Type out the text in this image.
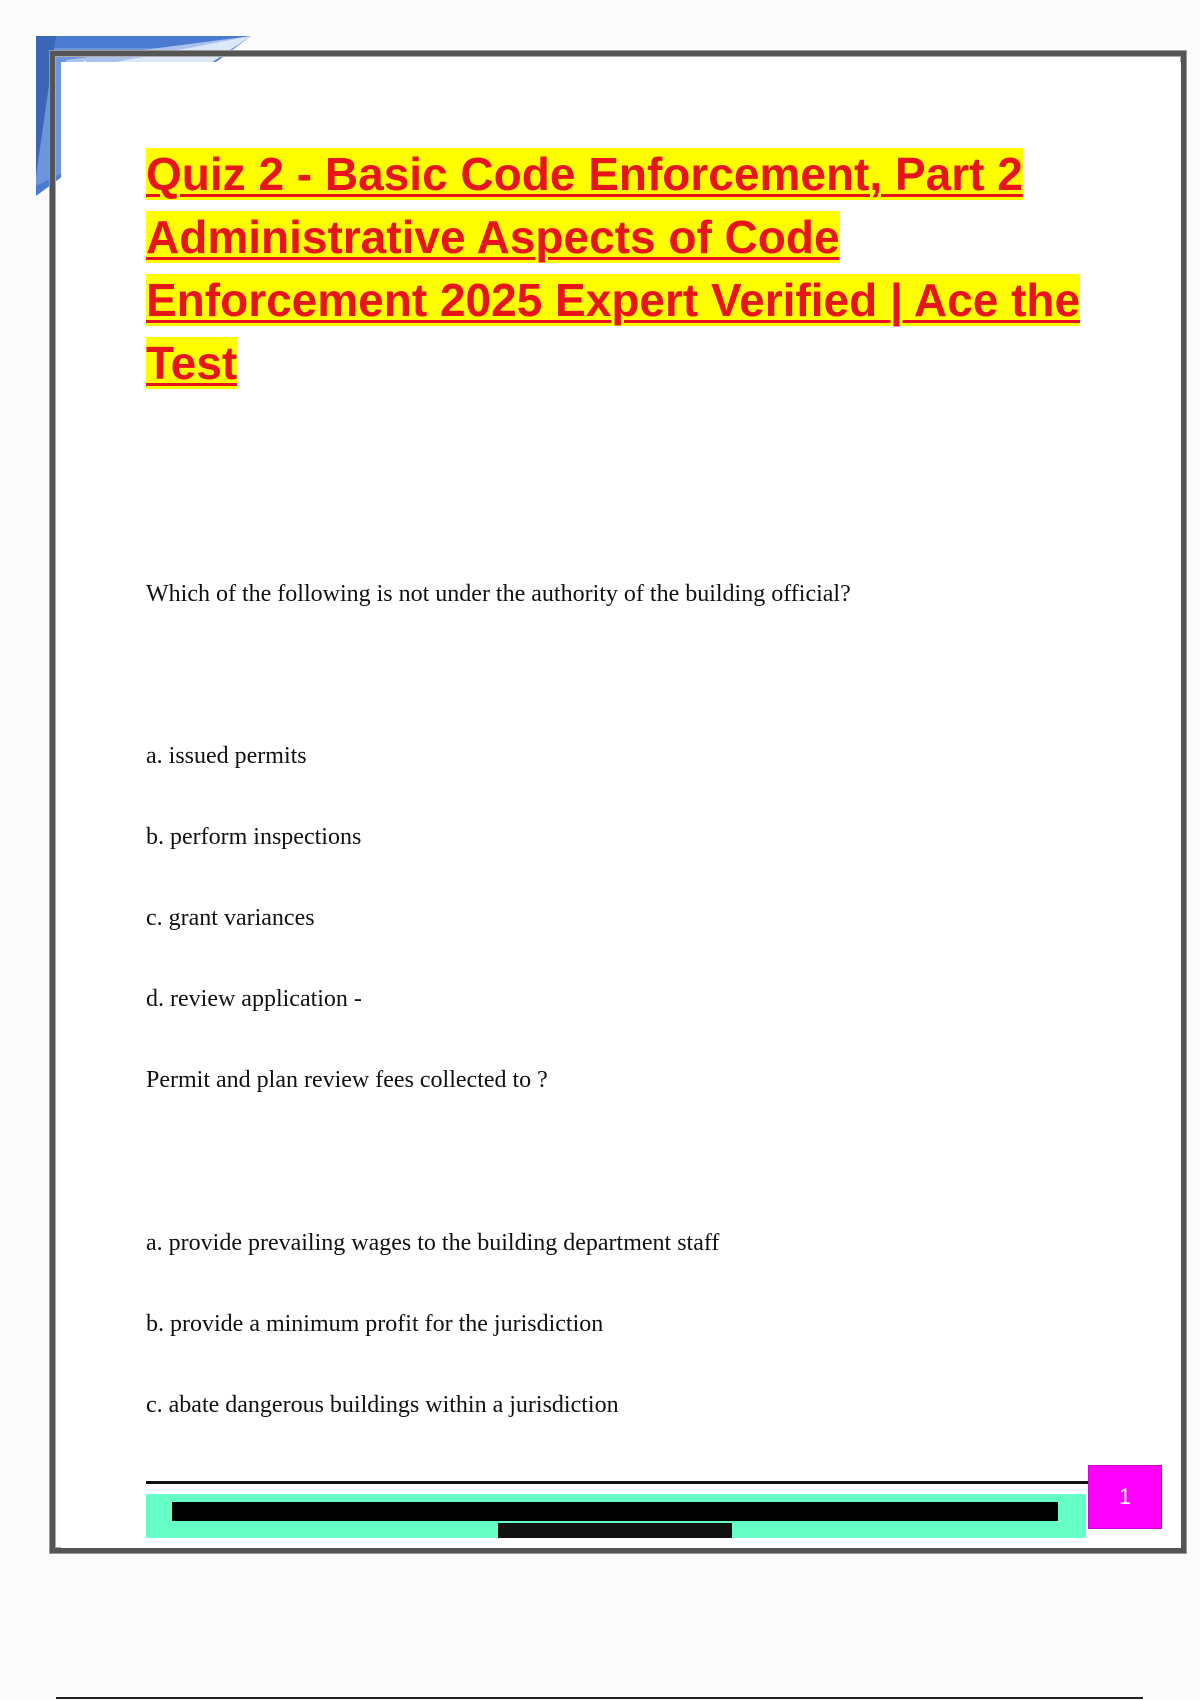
1
Quiz 2 - Basic Code Enforcement, Part 2 Administrative Aspects of Code Enforcement 2025 Expert Verified | Ace the Test
Which of the following is not under the authority of the building official?
a. issued permits
b. perform inspections
c. grant variances
d. review application -
Permit and plan review fees collected to ?
a. provide prevailing wages to the building department staff
b. provide a minimum profit for the jurisdiction
c. abate dangerous buildings within a jurisdiction
1
